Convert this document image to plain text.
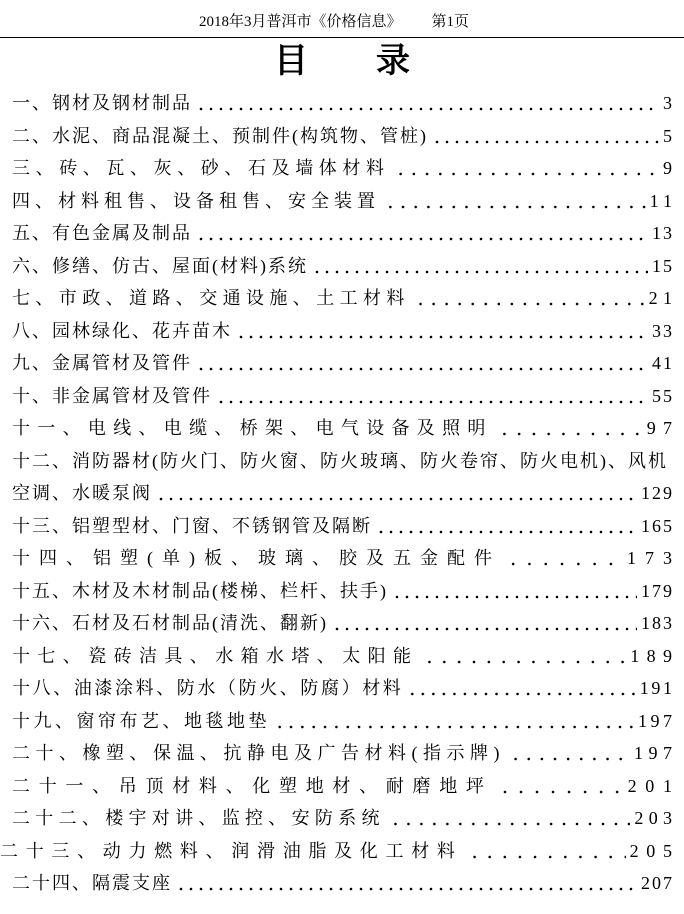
2018年3月普洱市《价格信息》 第1页
目录
一、钢材及钢材制品	3
二、水泥、商品混凝土、预制件(构筑物、管桩)	5
三、砖、瓦、灰、砂、石及墙体材料	9
四、材料租售、设备租售、安全装置	11
五、有色金属及制品	13
六、修缮、仿古、屋面(材料)系统	15
七、市政、道路、交通设施、土工材料	21
八、园林绿化、花卉苗木	33
九、金属管材及管件	41
十、非金属管材及管件	55
十一、电线、电缆、桥架、电气设备及照明	97
十二、消防器材(防火门、防火窗、防火玻璃、防火卷帘、防火电机)、风机
空调、水暖泵阀	129
十三、铝塑型材、门窗、不锈钢管及隔断	165
十四、铝塑(单)板、玻璃、胶及五金配件	173
十五、木材及木材制品(楼梯、栏杆、扶手)	179
十六、石材及石材制品(清洗、翻新)	183
十七、瓷砖洁具、水箱水塔、太阳能	189
十八、油漆涂料、防水（防火、防腐）材料	191
十九、窗帘布艺、地毯地垫	197
二十、橡塑、保温、抗静电及广告材料(指示牌)	197
二十一、吊顶材料、化塑地材、耐磨地坪	201
二十二、楼宇对讲、监控、安防系统	203
二十三、动力燃料、润滑油脂及化工材料	205
二十四、隔震支座	207
